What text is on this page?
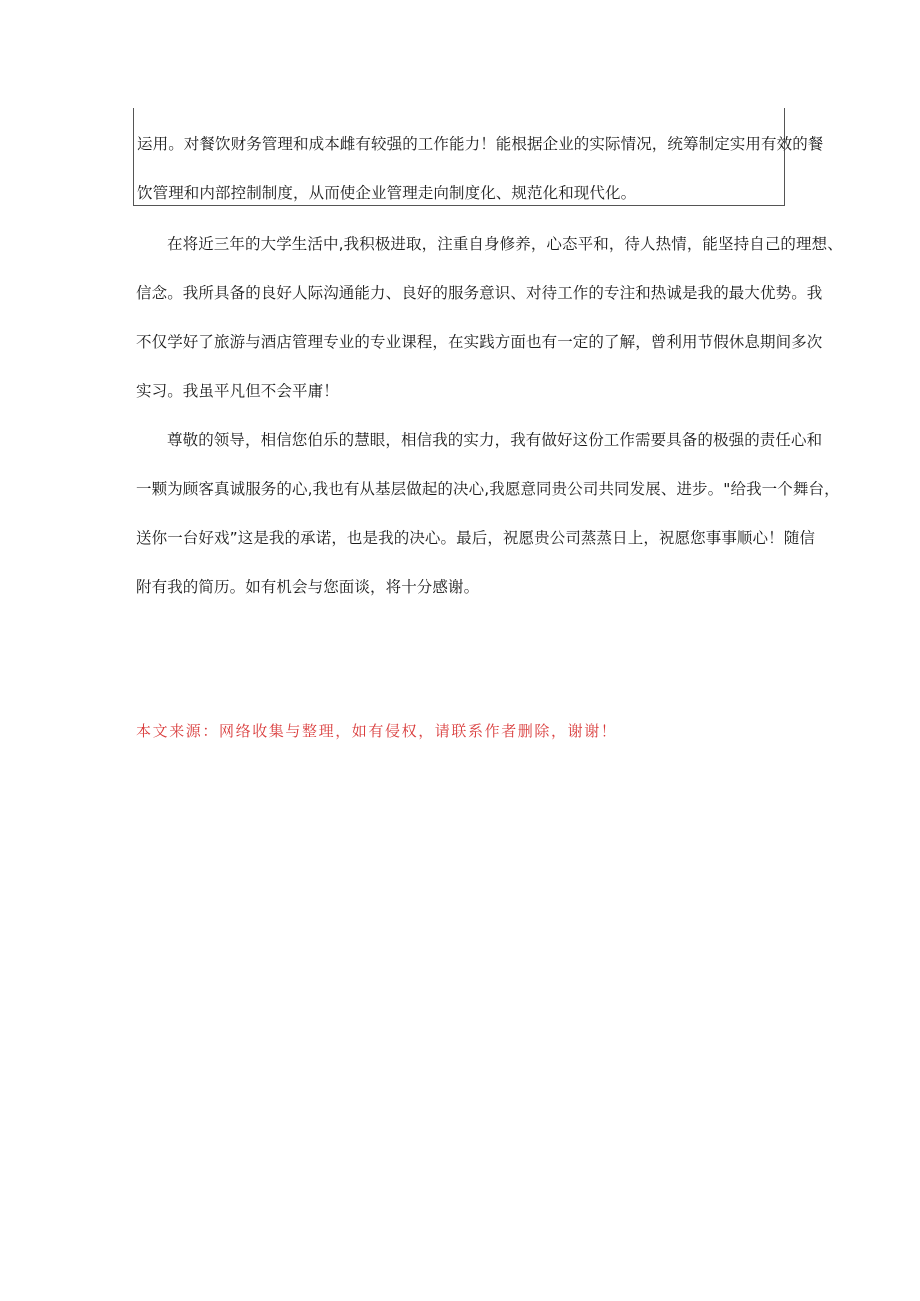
运用。对餐饮财务管理和成本雌有较强的工作能力！能根据企业的实际情况，统筹制定实用有效的餐
饮管理和内部控制制度，从而使企业管理走向制度化、规范化和现代化。
在将近三年的大学生活中,我积极进取，注重自身修养，心态平和，待人热情，能坚持自己的理想、
信念。我所具备的良好人际沟通能力、良好的服务意识、对待工作的专注和热诚是我的最大优势。我
不仅学好了旅游与酒店管理专业的专业课程，在实践方面也有一定的了解，曾利用节假休息期间多次
实习。我虽平凡但不会平庸！
尊敬的领导，相信您伯乐的慧眼，相信我的实力，我有做好这份工作需要具备的极强的责任心和
一颗为顾客真诚服务的心,我也有从基层做起的决心,我愿意同贵公司共同发展、进步。"给我一个舞台，
送你一台好戏”这是我的承诺，也是我的决心。最后，祝愿贵公司蒸蒸日上，祝愿您事事顺心！随信
附有我的简历。如有机会与您面谈，将十分感谢。
本文来源：网络收集与整理，如有侵权，请联系作者删除，谢谢！
